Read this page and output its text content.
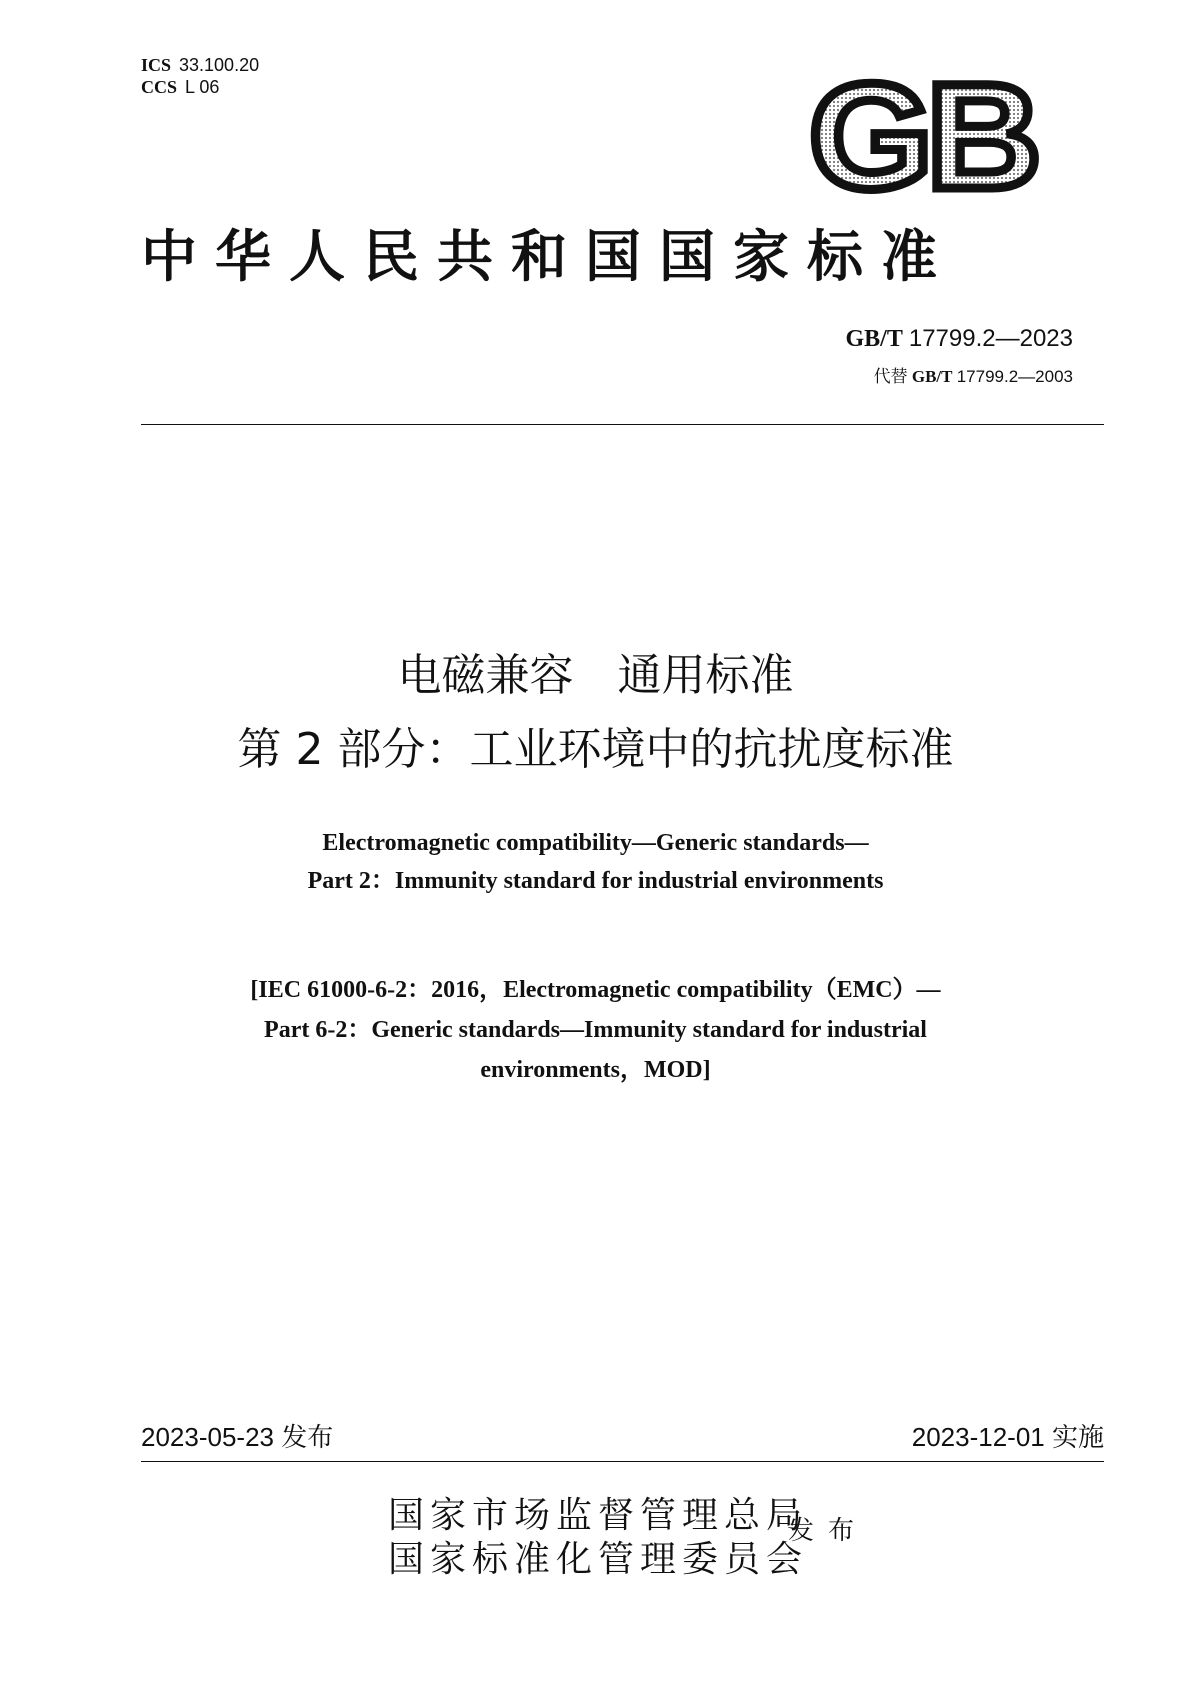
ICS 33.100.20
CCS L 06	GB
中华人民共和国国家标准
GB/T 17799.2—2023
代替 GB/T 17799.2—2003
电磁兼容　通用标准
第 2 部分：工业环境中的抗扰度标准
Electromagnetic compatibility—Generic standards—
Part 2：Immunity standard for industrial environments
[IEC 61000-6-2：2016，Electromagnetic compatibility（EMC）—
Part 6-2：Generic standards—Immunity standard for industrial
environments，MOD]
2023-05-23 发布	2023-12-01 实施
国家市场监督管理总局
国家标准化管理委员会
发布
